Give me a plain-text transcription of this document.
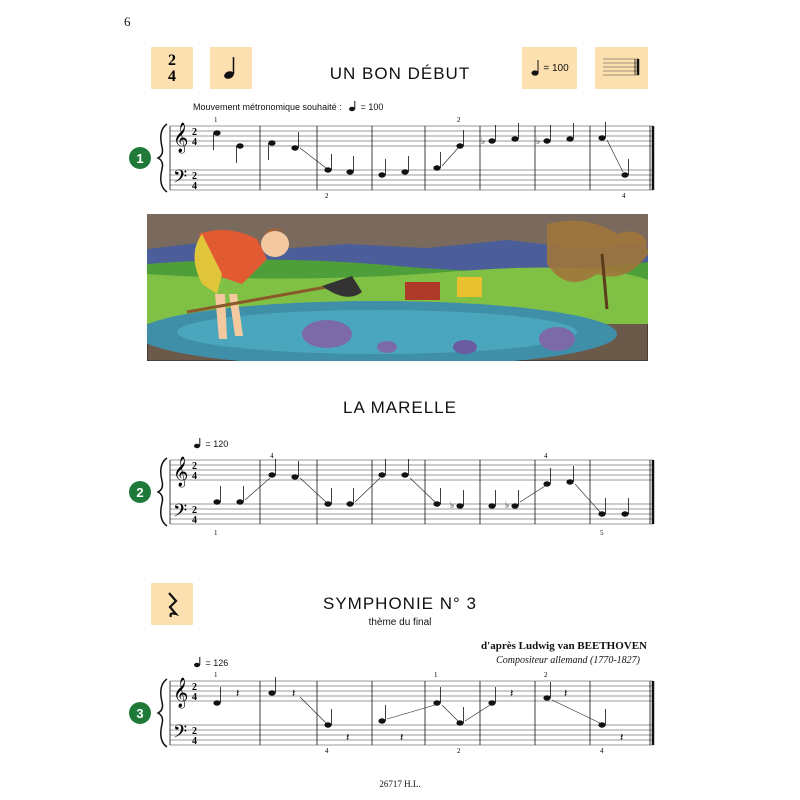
6
2
4	UN BON DÉBUT	= 100
Mouvement métronomique souhaité : = 100
1
𝄞
𝄢
2
4
2
4
♭	♭
1
2
2
4
LA MARELLE
= 120
2
𝄞
𝄢
2
4
2
4
♭	♭
4	4
1	5
SYMPHONIE N° 3
thème du final
d'après Ludwig van BEETHOVEN
Compositeur allemand (1770-1827)
= 126
3
𝄞
𝄢
2
4
2
4
𝄽	𝄽
𝄽	𝄽
𝄽	𝄽
𝄽
1	1	2
4	2	4
26717 H.L.
